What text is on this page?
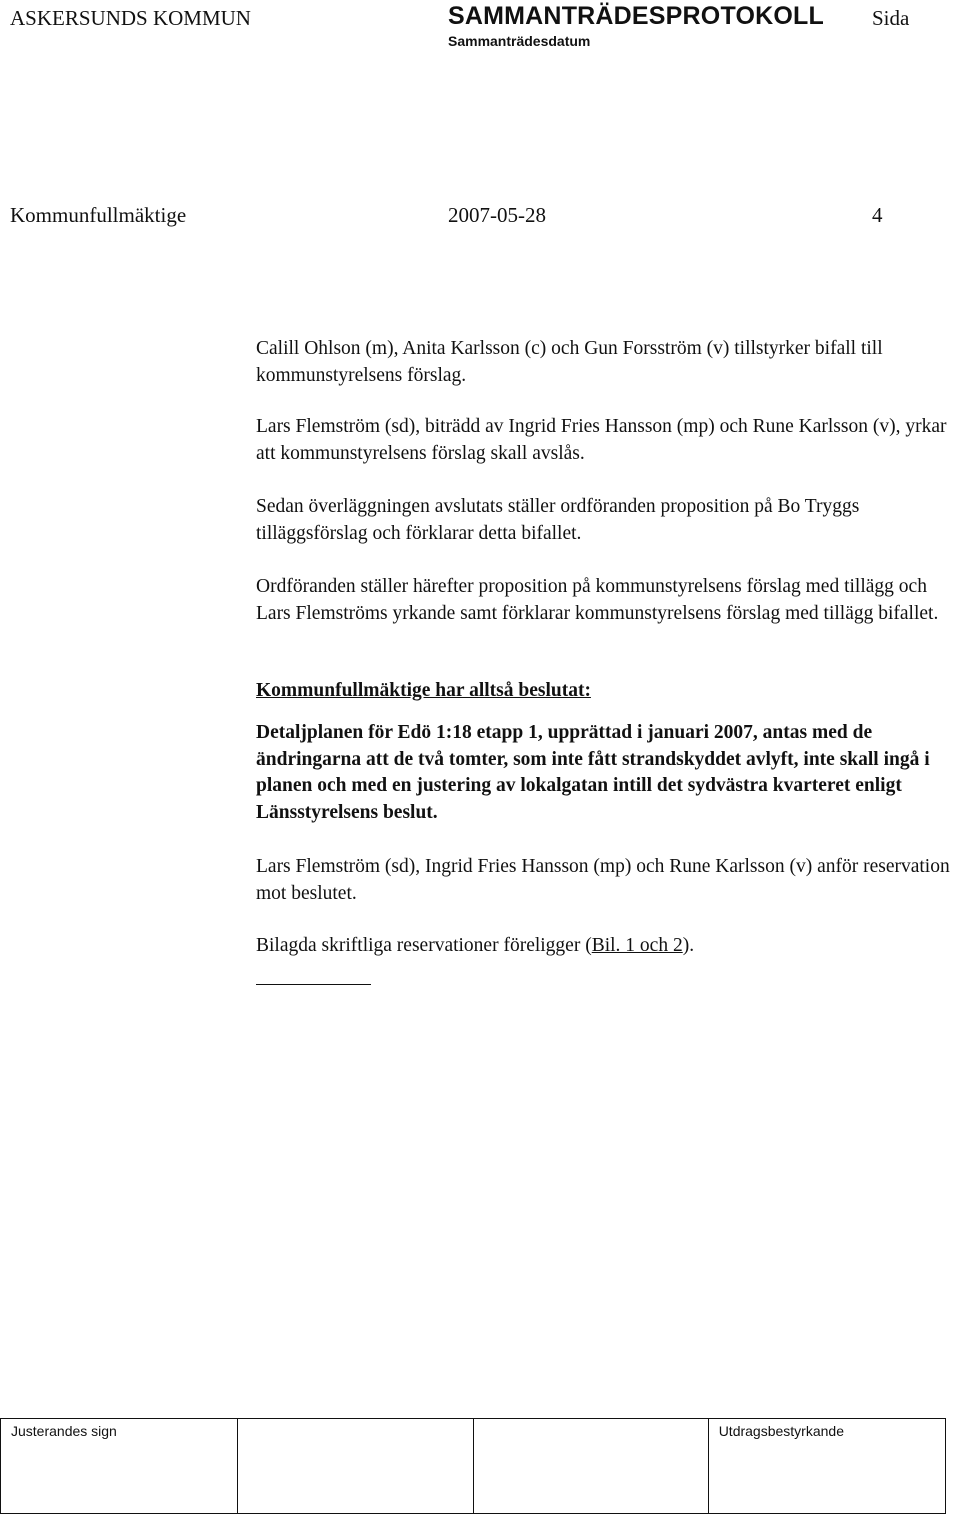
ASKERSUNDS KOMMUN	SAMMANTRÄDESPROTOKOLL Sida
Sammanträdesdatum
Kommunfullmäktige	2007-05-28	4
Calill Ohlson (m), Anita Karlsson (c) och Gun Forsström (v) tillstyrker bifall till kommunstyrelsens förslag.
Lars Flemström (sd), biträdd av Ingrid Fries Hansson (mp) och Rune Karlsson (v), yrkar att kommunstyrelsens förslag skall avslås.
Sedan överläggningen avslutats ställer ordföranden proposition på Bo Tryggs tilläggsförslag och förklarar detta bifallet.
Ordföranden ställer härefter proposition på kommunstyrelsens förslag med tillägg och Lars Flemströms yrkande samt förklarar kommunstyrelsens förslag med tillägg bifallet.
Kommunfullmäktige har alltså beslutat:
Detaljplanen för Edö 1:18 etapp 1, upprättad i januari 2007, antas med de ändringarna att de två tomter, som inte fått strandskyddet avlyft, inte skall ingå i planen och med en justering av lokalgatan intill det sydvästra kvarteret enligt Länsstyrelsens beslut.
Lars Flemström (sd), Ingrid Fries Hansson (mp) och Rune Karlsson (v) anför reservation mot beslutet.
Bilagda skriftliga reservationer föreligger (Bil. 1 och 2).
Justerandes sign			Utdragsbestyrkande
